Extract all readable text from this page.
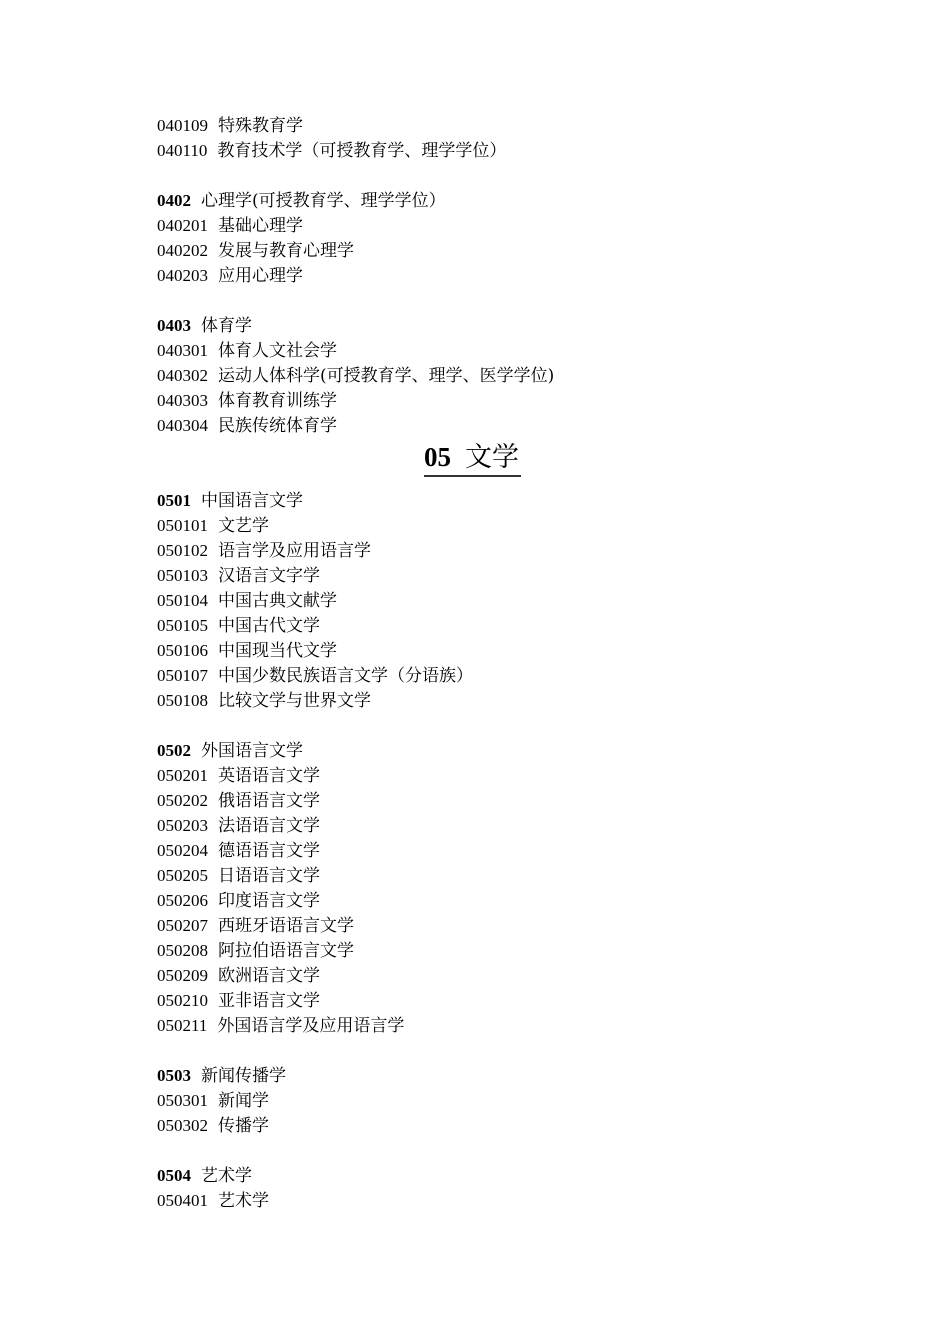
040109 特殊教育学
040110 教育技术学（可授教育学、理学学位）
0402 心理学(可授教育学、理学学位）
040201 基础心理学
040202 发展与教育心理学
040203 应用心理学
0403 体育学
040301 体育人文社会学
040302 运动人体科学(可授教育学、理学、医学学位)
040303 体育教育训练学
040304 民族传统体育学
05 文学
0501 中国语言文学
050101 文艺学
050102 语言学及应用语言学
050103 汉语言文字学
050104 中国古典文献学
050105 中国古代文学
050106 中国现当代文学
050107 中国少数民族语言文学（分语族）
050108 比较文学与世界文学
0502 外国语言文学
050201 英语语言文学
050202 俄语语言文学
050203 法语语言文学
050204 德语语言文学
050205 日语语言文学
050206 印度语言文学
050207 西班牙语语言文学
050208 阿拉伯语语言文学
050209 欧洲语言文学
050210 亚非语言文学
050211 外国语言学及应用语言学
0503 新闻传播学
050301 新闻学
050302 传播学
0504 艺术学
050401 艺术学
